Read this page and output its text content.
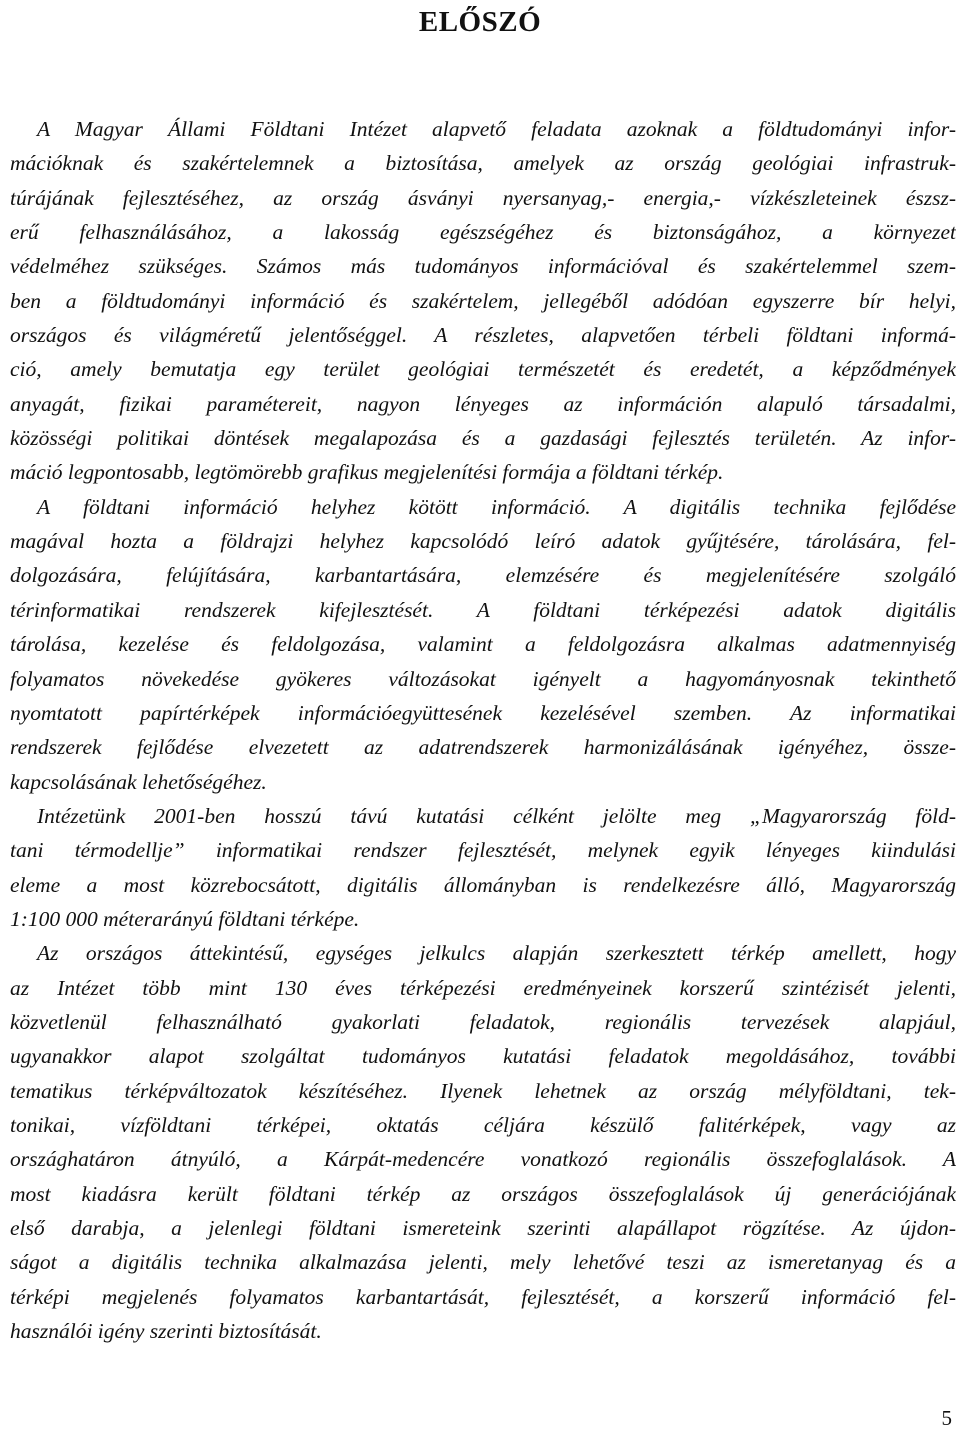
ELŐSZÓ
A Magyar Állami Földtani Intézet alapvető feladata azoknak a földtudományi infor-
mációknak és szakértelemnek a biztosítása, amelyek az ország geológiai infrastruk-
túrájának fejlesztéséhez, az ország ásványi nyersanyag,- energia,- vízkészleteinek észsz-
erű felhasználásához, a lakosság egészségéhez és biztonságához, a környezet
védelméhez szükséges. Számos más tudományos információval és szakértelemmel szem-
ben a földtudományi információ és szakértelem, jellegéből adódóan egyszerre bír helyi,
országos és világméretű jelentőséggel. A részletes, alapvetően térbeli földtani informá-
ció, amely bemutatja egy terület geológiai természetét és eredetét, a képződmények
anyagát, fizikai paramétereit, nagyon lényeges az információn alapuló társadalmi,
közösségi politikai döntések megalapozása és a gazdasági fejlesztés területén. Az infor-
máció legpontosabb, legtömörebb grafikus megjelenítési formája a földtani térkép.
A földtani információ helyhez kötött információ. A digitális technika fejlődése
magával hozta a földrajzi helyhez kapcsolódó leíró adatok gyűjtésére, tárolására, fel-
dolgozására, felújítására, karbantartására, elemzésére és megjelenítésére szolgáló
térinformatikai rendszerek kifejlesztését. A földtani térképezési adatok digitális
tárolása, kezelése és feldolgozása, valamint a feldolgozásra alkalmas adatmennyiség
folyamatos növekedése gyökeres változásokat igényelt a hagyományosnak tekinthető
nyomtatott papírtérképek információegyüttesének kezelésével szemben. Az informatikai
rendszerek fejlődése elvezetett az adatrendszerek harmonizálásának igényéhez, össze-
kapcsolásának lehetőségéhez.
Intézetünk 2001-ben hosszú távú kutatási célként jelölte meg „Magyarország föld-
tani térmodellje” informatikai rendszer fejlesztését, melynek egyik lényeges kiindulási
eleme a most közrebocsátott, digitális állományban is rendelkezésre álló, Magyarország
1:100 000 méterarányú földtani térképe.
Az országos áttekintésű, egységes jelkulcs alapján szerkesztett térkép amellett, hogy
az Intézet több mint 130 éves térképezési eredményeinek korszerű szintézisét jelenti,
közvetlenül felhasználható gyakorlati feladatok, regionális tervezések alapjául,
ugyanakkor alapot szolgáltat tudományos kutatási feladatok megoldásához, további
tematikus térképváltozatok készítéséhez. Ilyenek lehetnek az ország mélyföldtani, tek-
tonikai, vízföldtani térképei, oktatás céljára készülő falitérképek, vagy az
országhatáron átnyúló, a Kárpát-medencére vonatkozó regionális összefoglalások. A
most kiadásra került földtani térkép az országos összefoglalások új generációjának
első darabja, a jelenlegi földtani ismereteink szerinti alapállapot rögzítése. Az újdon-
ságot a digitális technika alkalmazása jelenti, mely lehetővé teszi az ismeretanyag és a
térképi megjelenés folyamatos karbantartását, fejlesztését, a korszerű információ fel-
használói igény szerinti biztosítását.
5
